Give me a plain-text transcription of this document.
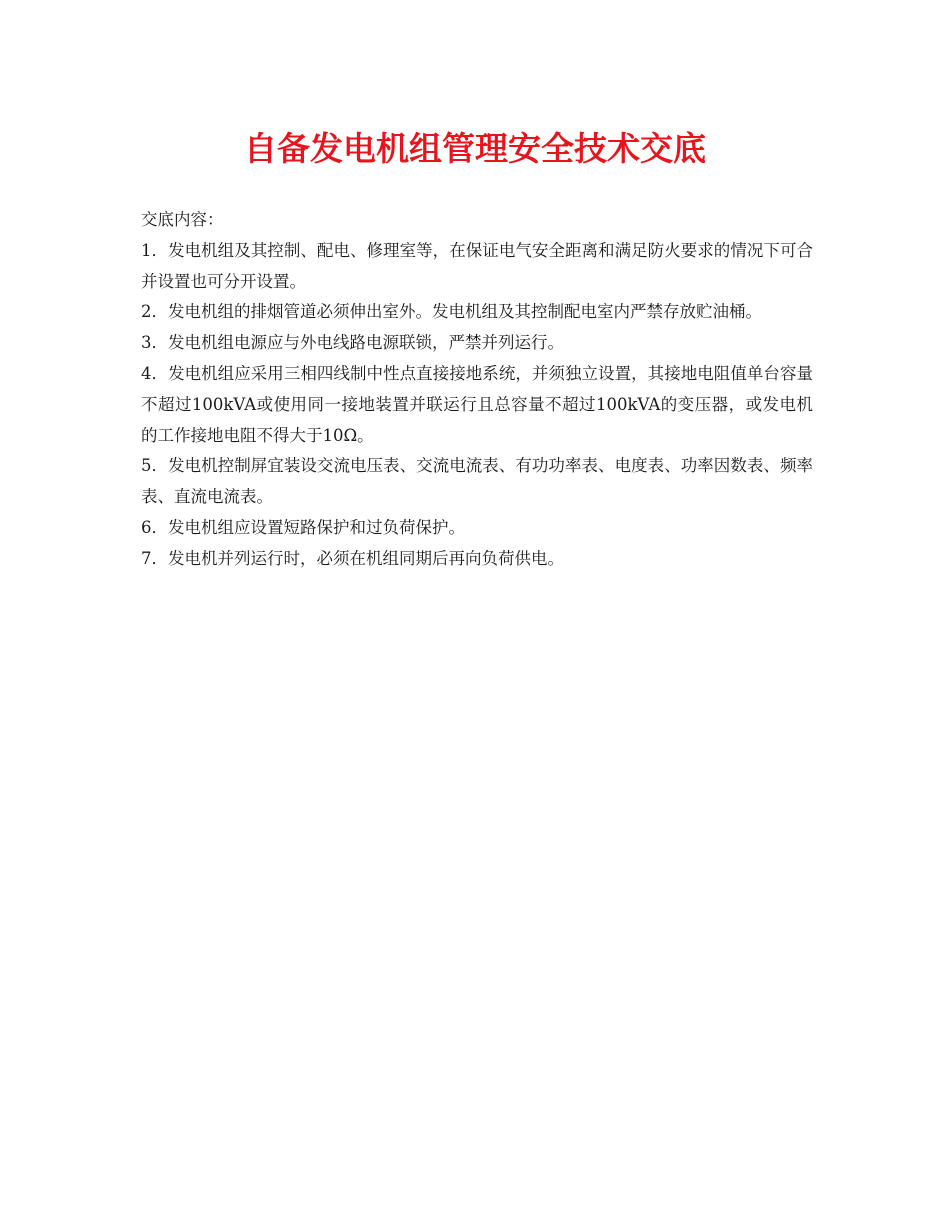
自备发电机组管理安全技术交底

交底内容：

1．发电机组及其控制、配电、修理室等，在保证电气安全距离和满足防火要求的情况下可合并设置也可分开设置。

2．发电机组的排烟管道必须伸出室外。发电机组及其控制配电室内严禁存放贮油桶。

3．发电机组电源应与外电线路电源联锁，严禁并列运行。

4．发电机组应采用三相四线制中性点直接接地系统，并须独立设置，其接地电阻值单台容量不超过100kVA或使用同一接地装置并联运行且总容量不超过100kVA的变压器，或发电机的工作接地电阻不得大于10Ω。

5．发电机控制屏宜装设交流电压表、交流电流表、有功功率表、电度表、功率因数表、频率表、直流电流表。

6．发电机组应设置短路保护和过负荷保护。

7．发电机并列运行时，必须在机组同期后再向负荷供电。
